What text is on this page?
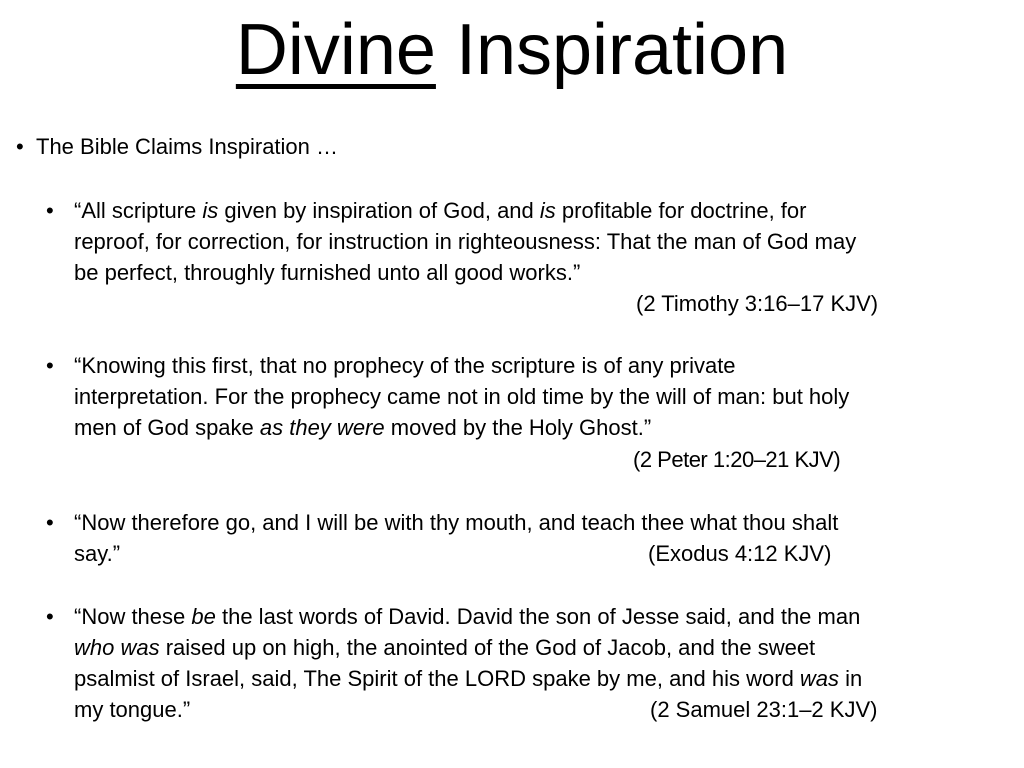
Divine Inspiration
• The Bible Claims Inspiration …
• “All scripture is given by inspiration of God, and is profitable for doctrine, for
reproof, for correction, for instruction in righteousness: That the man of God may
be perfect, throughly furnished unto all good works.”
(2 Timothy 3:16–17 KJV)
• “Knowing this first, that no prophecy of the scripture is of any private
interpretation. For the prophecy came not in old time by the will of man: but holy
men of God spake as they were moved by the Holy Ghost.”
(2 Peter 1:20–21 KJV)
• “Now therefore go, and I will be with thy mouth, and teach thee what thou shalt
say.”	(Exodus 4:12 KJV)
• “Now these be the last words of David. David the son of Jesse said, and the man
who was raised up on high, the anointed of the God of Jacob, and the sweet
psalmist of Israel, said, The Spirit of the LORD spake by me, and his word was in
my tongue.”	(2 Samuel 23:1–2 KJV)
